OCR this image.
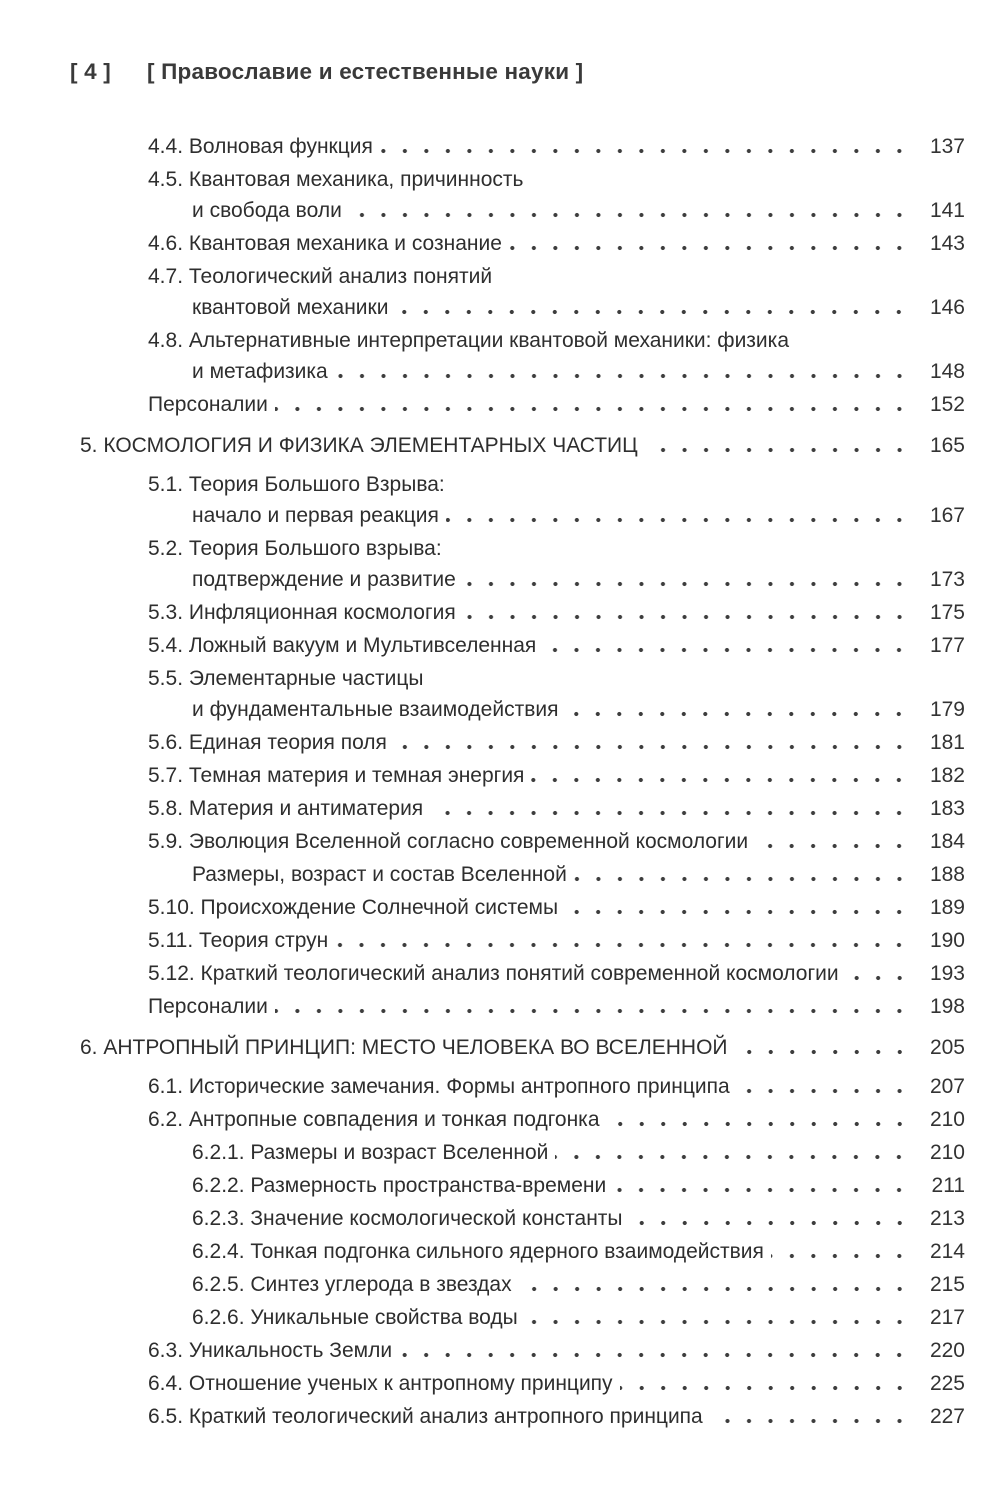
[ 4 ] [ Православие и естественные науки ]
4.4. Волновая функция	137
4.5. Квантовая механика, причинность
и свобода воли	141
4.6. Квантовая механика и сознание	143
4.7. Теологический анализ понятий
квантовой механики	146
4.8. Альтернативные интерпретации квантовой механики: физика
и метафизика	148
Персоналии	152
5. КОСМОЛОГИЯ И ФИЗИКА ЭЛЕМЕНТАРНЫХ ЧАСТИЦ	165
5.1. Теория Большого Взрыва:
начало и первая реакция	167
5.2. Теория Большого взрыва:
подтверждение и развитие	173
5.3. Инфляционная космология	175
5.4. Ложный вакуум и Мультивселенная	177
5.5. Элементарные частицы
и фундаментальные взаимодействия	179
5.6. Единая теория поля	181
5.7. Темная материя и темная энергия	182
5.8. Материя и антиматерия	183
5.9. Эволюция Вселенной согласно современной космологии	184
Размеры, возраст и состав Вселенной	188
5.10. Происхождение Солнечной системы	189
5.11. Теория струн	190
5.12. Краткий теологический анализ понятий современной космологии	193
Персоналии	198
6. АНТРОПНЫЙ ПРИНЦИП: МЕСТО ЧЕЛОВЕКА ВО ВСЕЛЕННОЙ	205
6.1. Исторические замечания. Формы антропного принципа	207
6.2. Антропные совпадения и тонкая подгонка	210
6.2.1. Размеры и возраст Вселенной	210
6.2.2. Размерность пространства-времени	211
6.2.3. Значение космологической константы	213
6.2.4. Тонкая подгонка сильного ядерного взаимодействия	214
6.2.5. Синтез углерода в звездах	215
6.2.6. Уникальные свойства воды	217
6.3. Уникальность Земли	220
6.4. Отношение ученых к антропному принципу	225
6.5. Краткий теологический анализ антропного принципа	227
